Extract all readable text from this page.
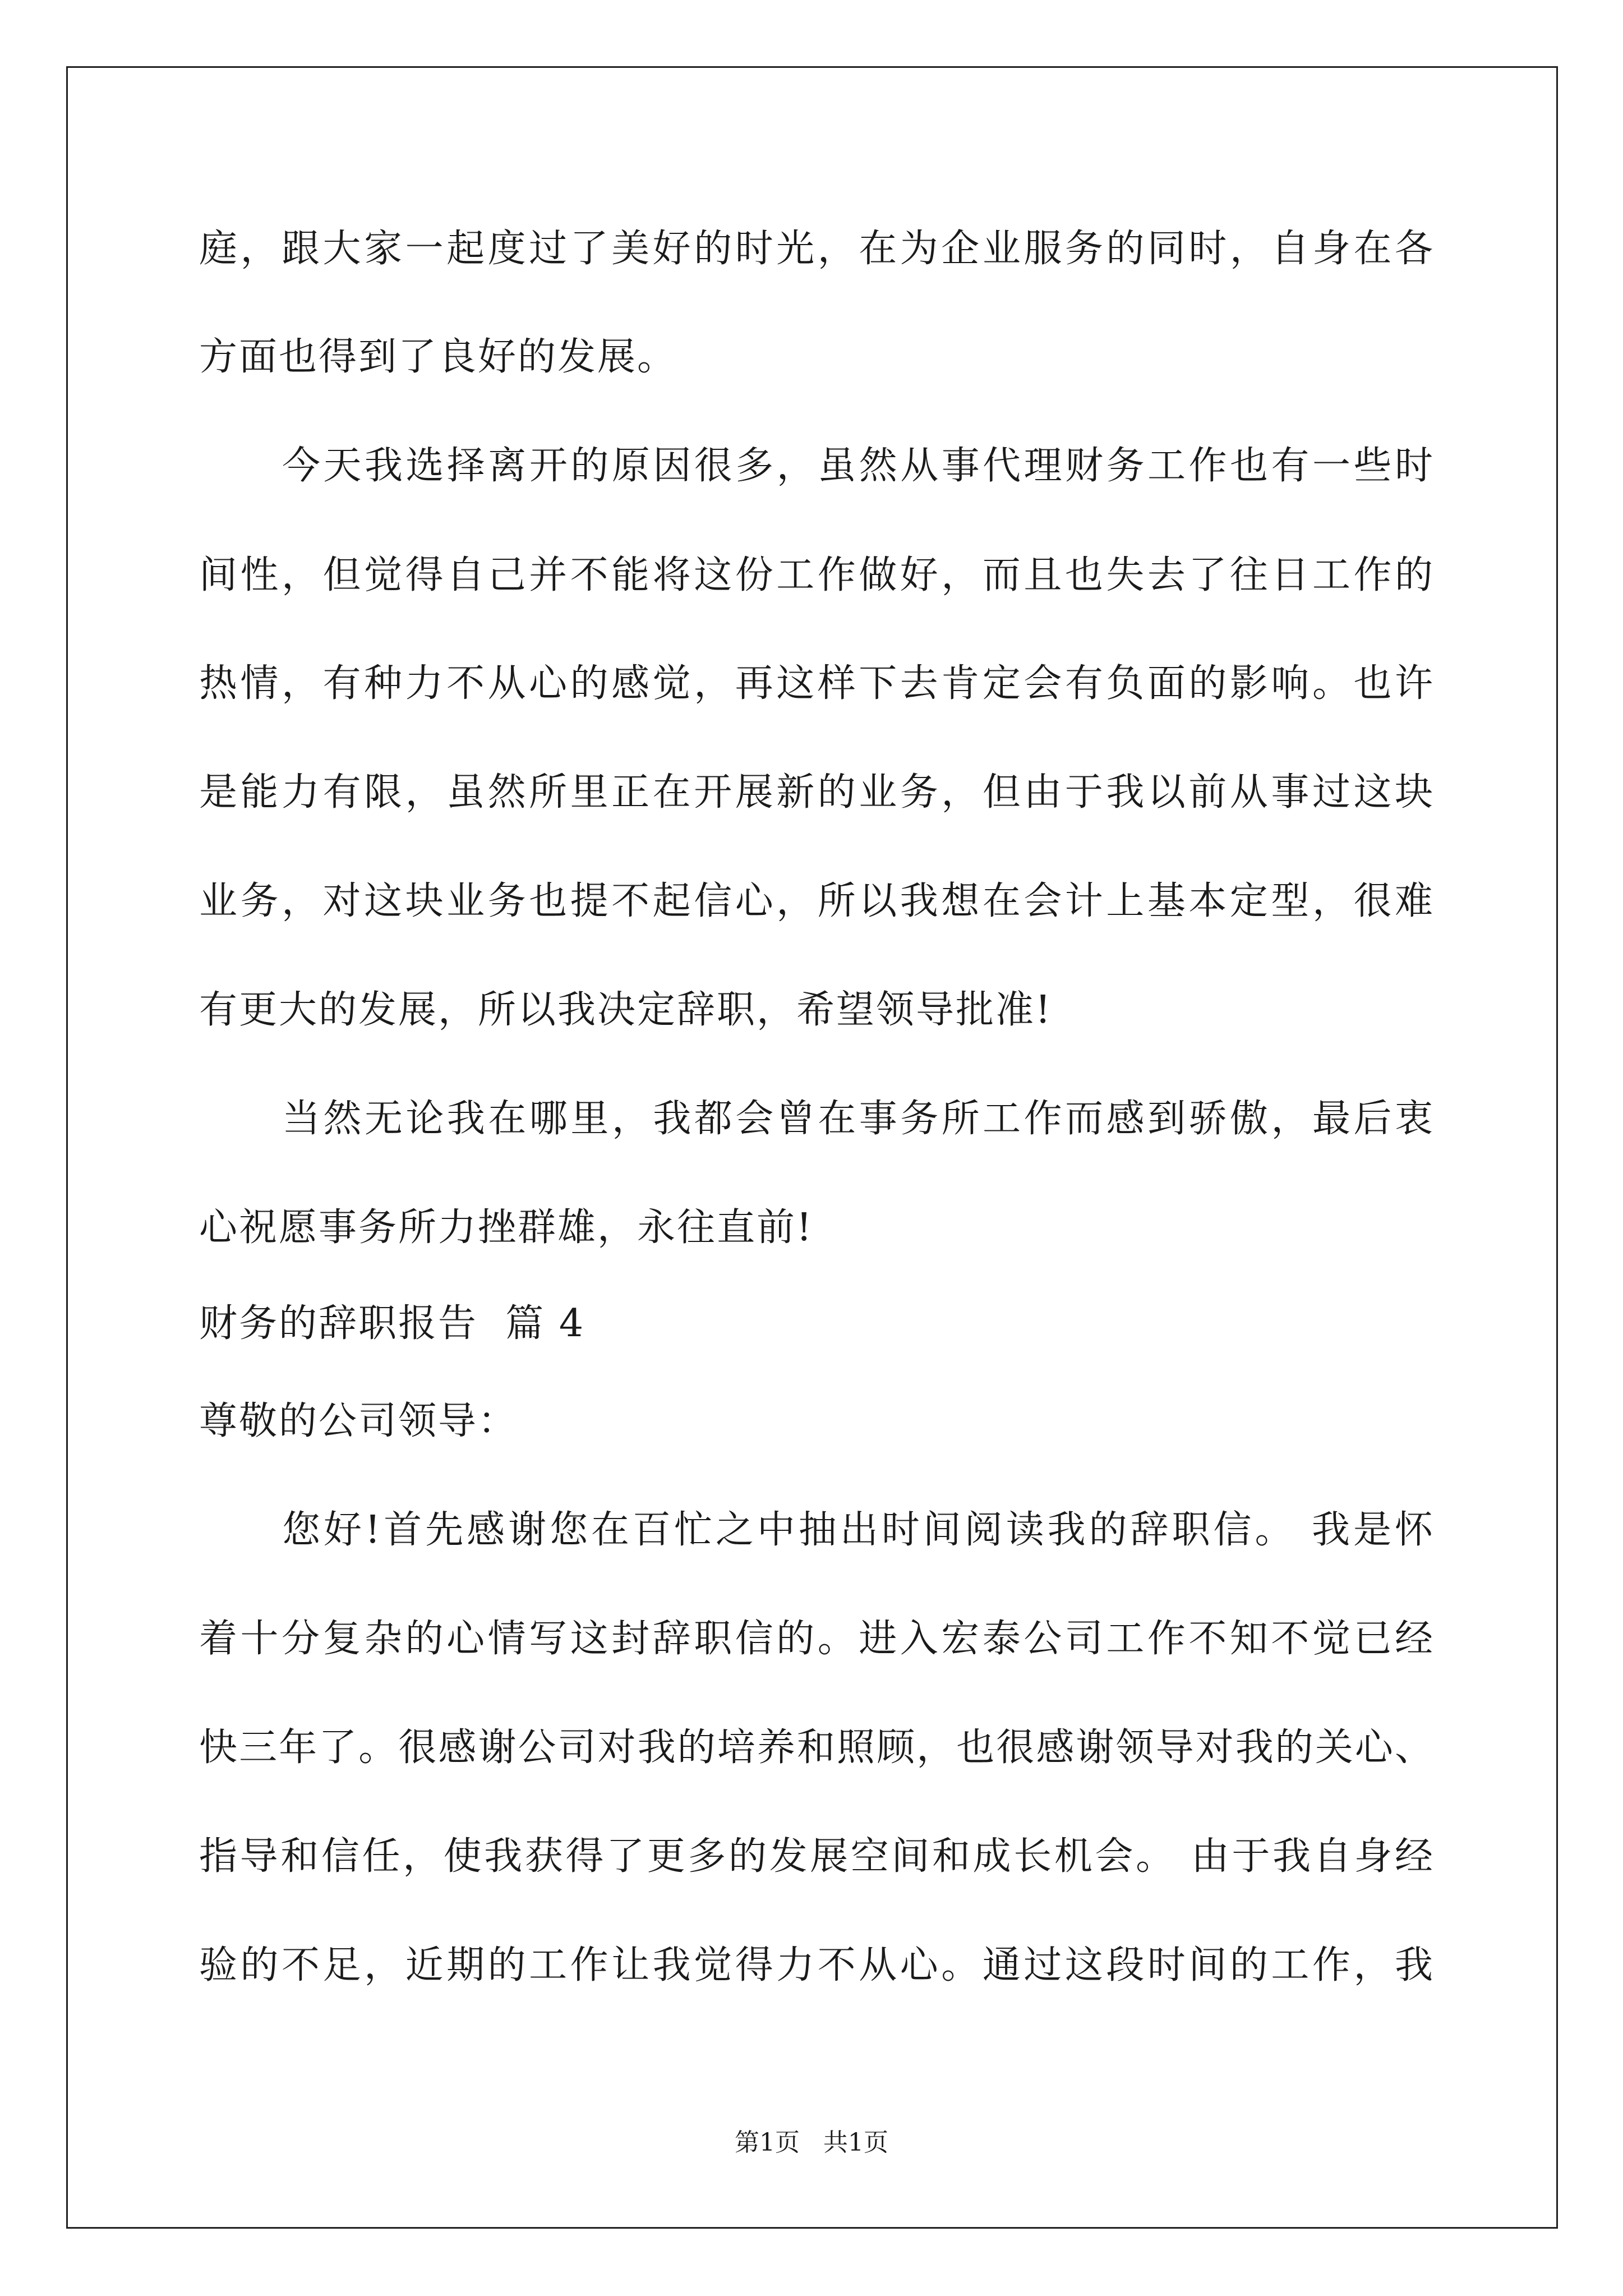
庭，跟大家一起度过了美好的时光，在为企业服务的同时，自身在各
方面也得到了良好的发展。
今天我选择离开的原因很多，虽然从事代理财务工作也有一些时
间性，但觉得自己并不能将这份工作做好，而且也失去了往日工作的
热情，有种力不从心的感觉，再这样下去肯定会有负面的影响。也许
是能力有限，虽然所里正在开展新的业务，但由于我以前从事过这块
业务，对这块业务也提不起信心，所以我想在会计上基本定型，很难
有更大的发展，所以我决定辞职，希望领导批准!
当然无论我在哪里，我都会曾在事务所工作而感到骄傲，最后衷
心祝愿事务所力挫群雄，永往直前!
财务的辞职报告  篇 4
尊敬的公司领导：
您好!首先感谢您在百忙之中抽出时间阅读我的辞职信。 我是怀
着十分复杂的心情写这封辞职信的。进入宏泰公司工作不知不觉已经
快三年了。很感谢公司对我的培养和照顾，也很感谢领导对我的关心、
指导和信任，使我获得了更多的发展空间和成长机会。 由于我自身经
验的不足，近期的工作让我觉得力不从心。通过这段时间的工作，我
第1页   共1页
